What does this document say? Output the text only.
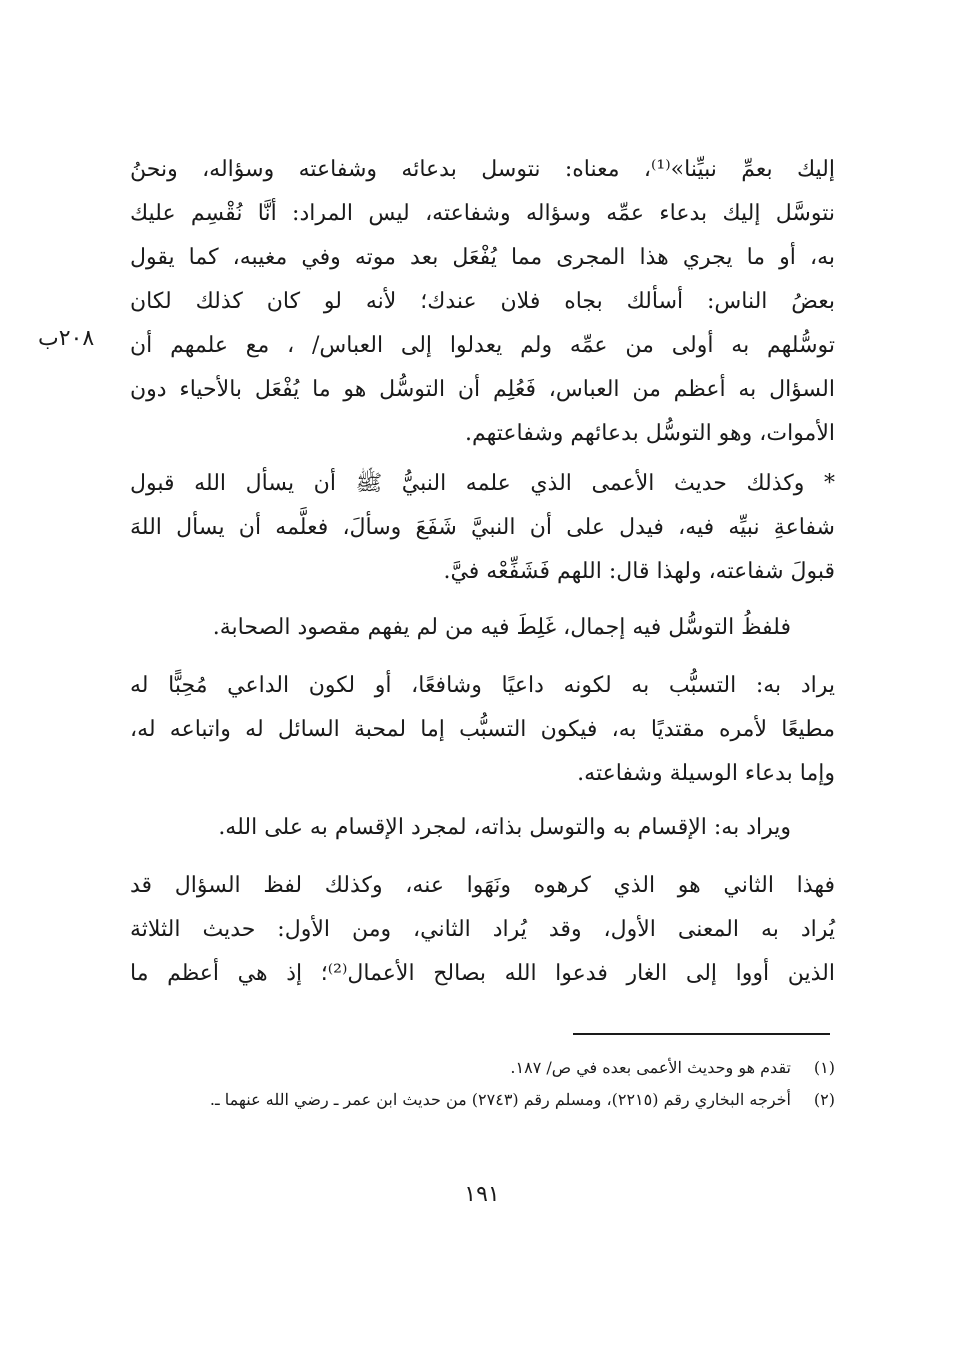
إليك بعمِّ نبيِّنا»⁽¹⁾، معناه: نتوسل بدعائه وشفاعته وسؤاله، ونحنُ
نتوسَّل إليك بدعاء عمِّه وسؤاله وشفاعته، ليس المراد: أنَّا نُقْسِم عليك
به، أو ما يجري هذا المجرى مما يُفْعَل بعد موته وفي مغيبه، كما يقول
بعضُ الناس: أسألك بجاه فلان عندك؛ لأنه لو كان كذلك لكان
توسُّلهم به أولى من عمِّه ولم يعدلوا إلى العباس/ ، مع علمهم أن
السؤال به أعظم من العباس، فَعُلِم أن التوسُّل هو ما يُفْعَل بالأحياء دون
الأموات، وهو التوسُّل بدعائهم وشفاعتهم.
٢٠٨ب
* وكذلك حديث الأعمى الذي علمه النبيُّ ﷺ أن يسأل الله قبول
شفاعةِ نبيِّه فيه، فيدل على أن النبيَّ شَفَعَ وسألَ، فعلَّمه أن يسأل اللهَ
قبولَ شفاعته، ولهذا قال: اللهم فَشَفِّعْه فيَّ.
فلفظُ التوسُّل فيه إجمال، غَلِطَ فيه من لم يفهم مقصود الصحابة.
يراد به: التسبُّب به لكونه داعيًا وشافعًا، أو لكون الداعي مُحِبًّا له
مطيعًا لأمره مقتديًا به، فيكون التسبُّب إما لمحبة السائل له واتباعه له،
وإما بدعاء الوسيلة وشفاعته.
ويراد به: الإقسام به والتوسل بذاته، لمجرد الإقسام به على الله.
فهذا الثاني هو الذي كرهوه ونَهَوا عنه، وكذلك لفظ السؤال قد
يُراد به المعنى الأول، وقد يُراد الثاني، ومن الأول: حديث الثلاثة
الذين أووا إلى الغار فدعوا الله بصالح الأعمال⁽²⁾؛ إذ هي أعظم ما
(١)
تقدم هو وحديث الأعمى بعده في ص/ ١٨٧.
(٢)
أخرجه البخاري رقم (٢٢١٥)، ومسلم رقم (٢٧٤٣) من حديث ابن عمر ـ رضي الله عنهما ـ.
١٩١
